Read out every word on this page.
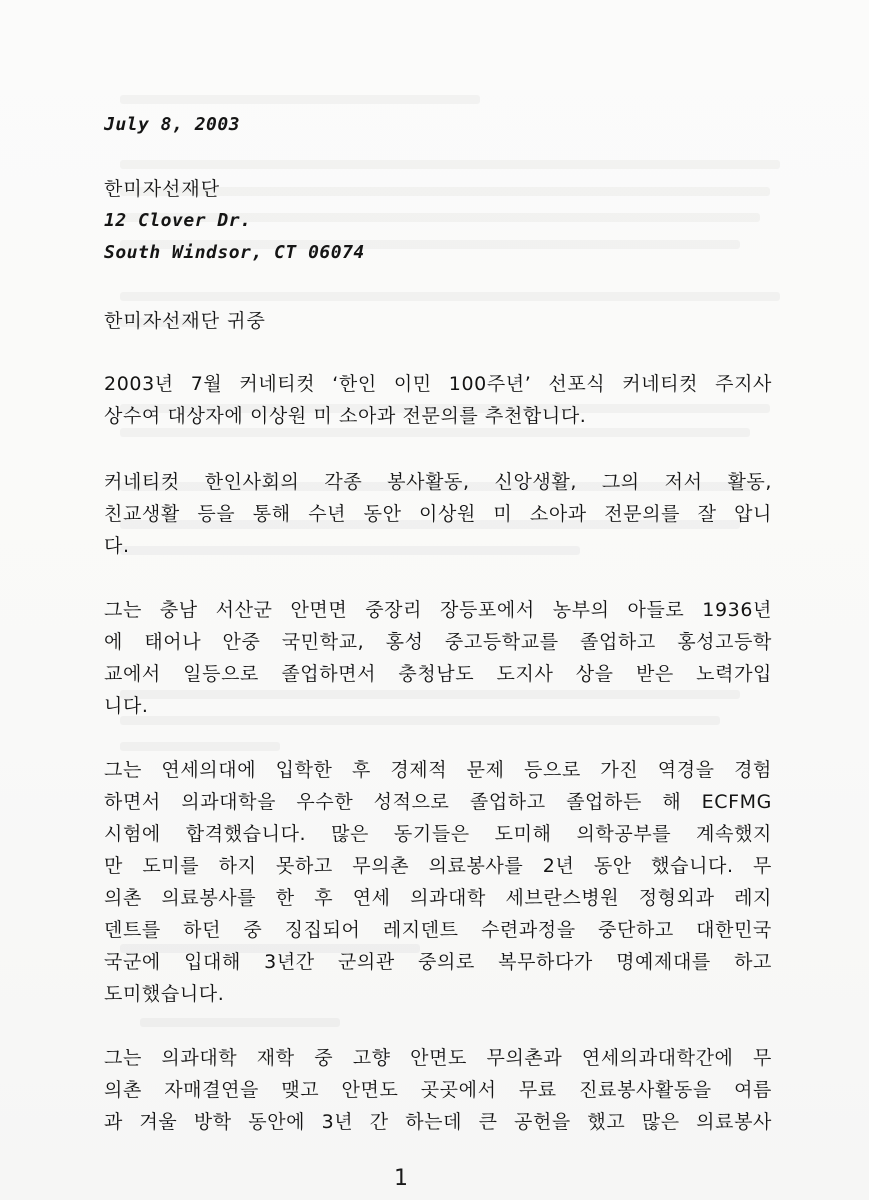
July 8, 2003
한미자선재단
12 Clover Dr.
South Windsor, CT 06074
한미자선재단 귀중
2003년 7월 커네티컷 ‘한인 이민 100주년’ 선포식 커네티컷 주지사
상수여 대상자에 이상원 미 소아과 전문의를 추천합니다.
커네티컷 한인사회의 각종 봉사활동, 신앙생활, 그의 저서 활동,
친교생활 등을 통해 수년 동안 이상원 미 소아과 전문의를 잘 압니
다.
그는 충남 서산군 안면면 중장리 장등포에서 농부의 아들로 1936년
에 태어나 안중 국민학교, 홍성 중고등학교를 졸업하고 홍성고등학
교에서 일등으로 졸업하면서 충청남도 도지사 상을 받은 노력가입
니다.
그는 연세의대에 입학한 후 경제적 문제 등으로 가진 역경을 경험
하면서 의과대학을 우수한 성적으로 졸업하고 졸업하든 해 ECFMG
시험에 합격했습니다. 많은 동기들은 도미해 의학공부를 계속했지
만 도미를 하지 못하고 무의촌 의료봉사를 2년 동안 했습니다. 무
의촌 의료봉사를 한 후 연세 의과대학 세브란스병원 정형외과 레지
덴트를 하던 중 징집되어 레지덴트 수련과정을 중단하고 대한민국
국군에 입대해 3년간 군의관 중의로 복무하다가 명예제대를 하고
도미했습니다.
그는 의과대학 재학 중 고향 안면도 무의촌과 연세의과대학간에 무
의촌 자매결연을 맺고 안면도 곳곳에서 무료 진료봉사활동을 여름
과 겨울 방학 동안에 3년 간 하는데 큰 공헌을 했고 많은 의료봉사
1
